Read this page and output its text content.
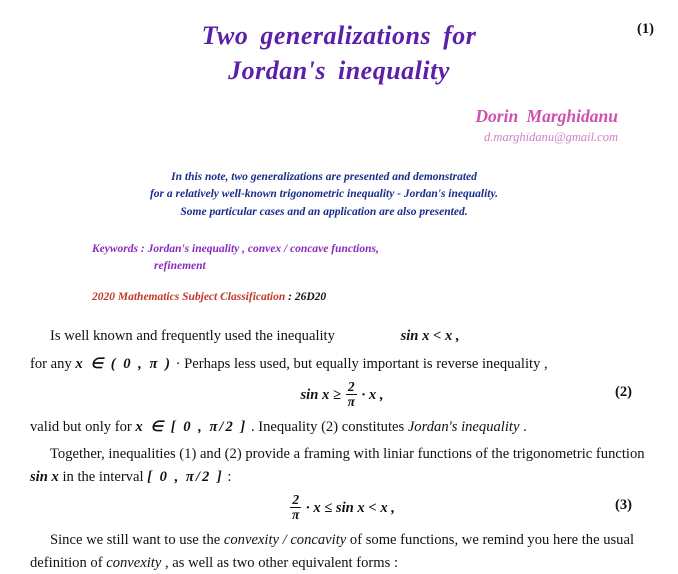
Two generalizations for
Jordan's inequality
Dorin Marghidanu
d.marghidanu@gmail.com
In this note, two generalizations are presented and demonstrated
for a relatively well-known trigonometric inequality - Jordan's inequality.
Some particular cases and an application are also presented.
Keywords : Jordan's inequality , convex / concave functions,
refinement
2020 Mathematics Subject Classification : 26D20

Is well known and frequently used the inequality	sin x < x ,
(1)

for any x ∈ ( 0 , π ) · Perhaps less used, but equally important is reverse inequality ,

$\sin x \ge \frac{2}{\pi} \cdot x$ ,	(2)

valid but only for x ∈ [ 0 , π/2 ] . Inequality (2) constitutes Jordan's inequality .

Together, inequalities (1) and (2) provide a framing with liniar functions of the trigonometric function sin x in the interval [ 0 , π/2 ] :

$\frac{2}{\pi} \cdot x \le \sin x < x$ ,	(3)

Since we still want to use the convexity / concavity of some functions, we remind you here the usual definition of convexity , as well as two other equivalent forms :
